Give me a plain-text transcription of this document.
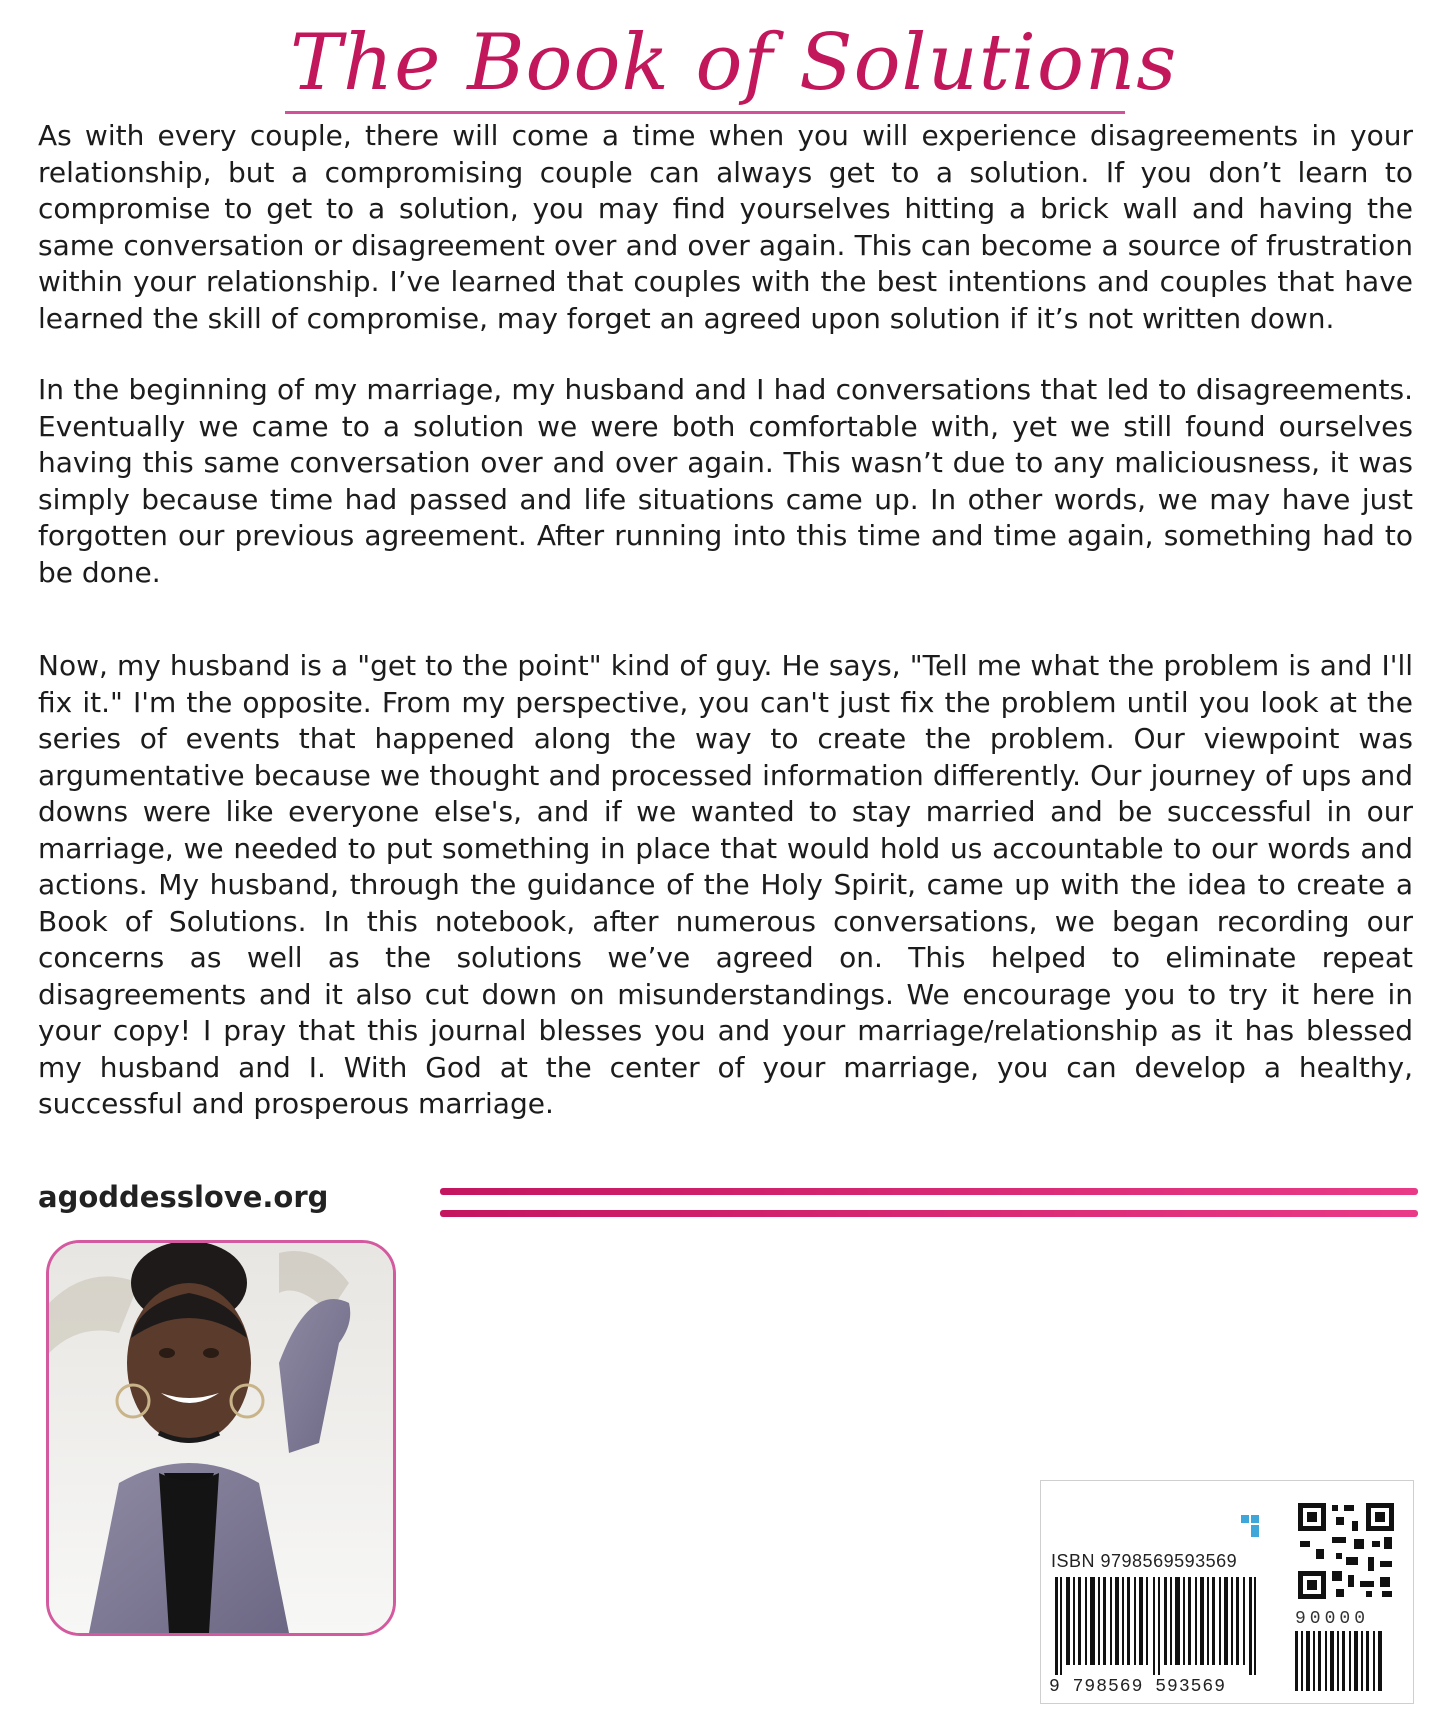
The Book of Solutions

As with every couple, there will come a time when you will experience disagreements in your relationship, but a compromising couple can always get to a solution. If you don’t learn to compromise to get to a solution, you may find yourselves hitting a brick wall and having the same conversation or disagreement over and over again. This can become a source of frustration within your relationship. I’ve learned that couples with the best intentions and couples that have learned the skill of compromise, may forget an agreed upon solution if it’s not written down.

In the beginning of my marriage, my husband and I had conversations that led to disagreements. Eventually we came to a solution we were both comfortable with, yet we still found ourselves having this same conversation over and over again. This wasn’t due to any maliciousness, it was simply because time had passed and life situations came up. In other words, we may have just forgotten our previous agreement. After running into this time and time again, something had to be done.

Now, my husband is a "get to the point" kind of guy. He says, "Tell me what the problem is and I'll fix it." I'm the opposite. From my perspective, you can't just fix the problem until you look at the series of events that happened along the way to create the problem. Our viewpoint was argumentative because we thought and processed information differently. Our journey of ups and downs were like everyone else's, and if we wanted to stay married and be successful in our marriage, we needed to put something in place that would hold us accountable to our words and actions. My husband, through the guidance of the Holy Spirit, came up with the idea to create a Book of Solutions. In this notebook, after numerous conversations, we began recording our concerns as well as the solutions we’ve agreed on. This helped to eliminate repeat disagreements and it also cut down on misunderstandings. We encourage you to try it here in your copy! I pray that this journal blesses you and your marriage/relationship as it has blessed my husband and I. With God at the center of your marriage, you can develop a healthy, successful and prosperous marriage.

agoddesslove.org
ISBN 9798569593569
9 798569 593569
90000
